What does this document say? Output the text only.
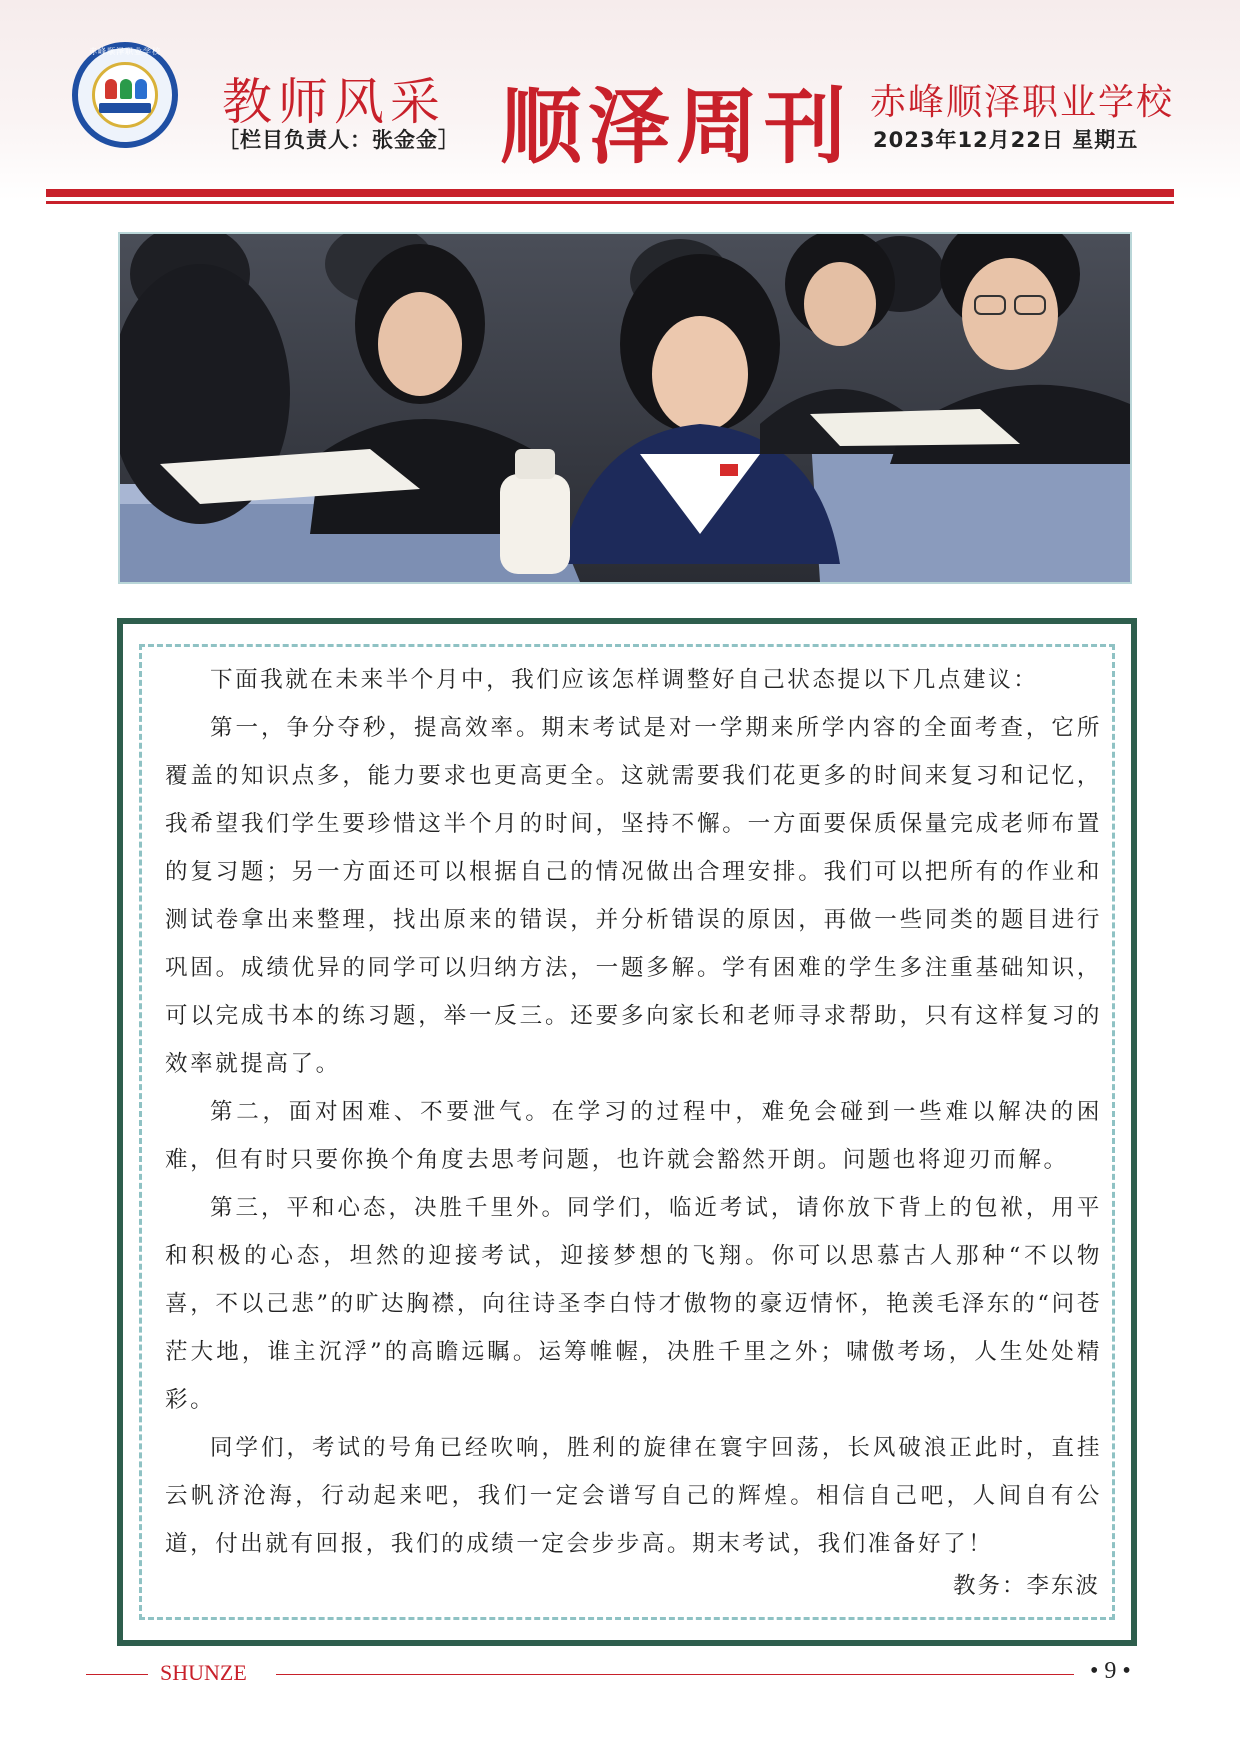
赤峰顺泽职业学校
教师风采
［栏目负责人：张金金］ 顺泽周刊 赤峰顺泽职业学校
2023年12月22日 星期五

下面我就在未来半个月中，我们应该怎样调整好自己状态提以下几点建议：

第一，争分夺秒，提高效率。期末考试是对一学期来所学内容的全面考查，它所覆盖的知识点多，能力要求也更高更全。这就需要我们花更多的时间来复习和记忆，我希望我们学生要珍惜这半个月的时间，坚持不懈。一方面要保质保量完成老师布置的复习题；另一方面还可以根据自己的情况做出合理安排。我们可以把所有的作业和测试卷拿出来整理，找出原来的错误，并分析错误的原因，再做一些同类的题目进行巩固。成绩优异的同学可以归纳方法，一题多解。学有困难的学生多注重基础知识，可以完成书本的练习题，举一反三。还要多向家长和老师寻求帮助，只有这样复习的效率就提高了。

第二，面对困难、不要泄气。在学习的过程中，难免会碰到一些难以解决的困难，但有时只要你换个角度去思考问题，也许就会豁然开朗。问题也将迎刃而解。

第三，平和心态，决胜千里外。同学们，临近考试，请你放下背上的包袱，用平和积极的心态，坦然的迎接考试，迎接梦想的飞翔。你可以思慕古人那种“不以物喜，不以己悲”的旷达胸襟，向往诗圣李白恃才傲物的豪迈情怀，艳羡毛泽东的“问苍茫大地，谁主沉浮”的高瞻远瞩。运筹帷幄，决胜千里之外；啸傲考场，人生处处精彩。

同学们，考试的号角已经吹响，胜利的旋律在寰宇回荡，长风破浪正此时，直挂云帆济沧海，行动起来吧，我们一定会谱写自己的辉煌。相信自己吧，人间自有公道，付出就有回报，我们的成绩一定会步步高。期末考试，我们准备好了！

教务：李东波
SHUNZE	• 9 •
